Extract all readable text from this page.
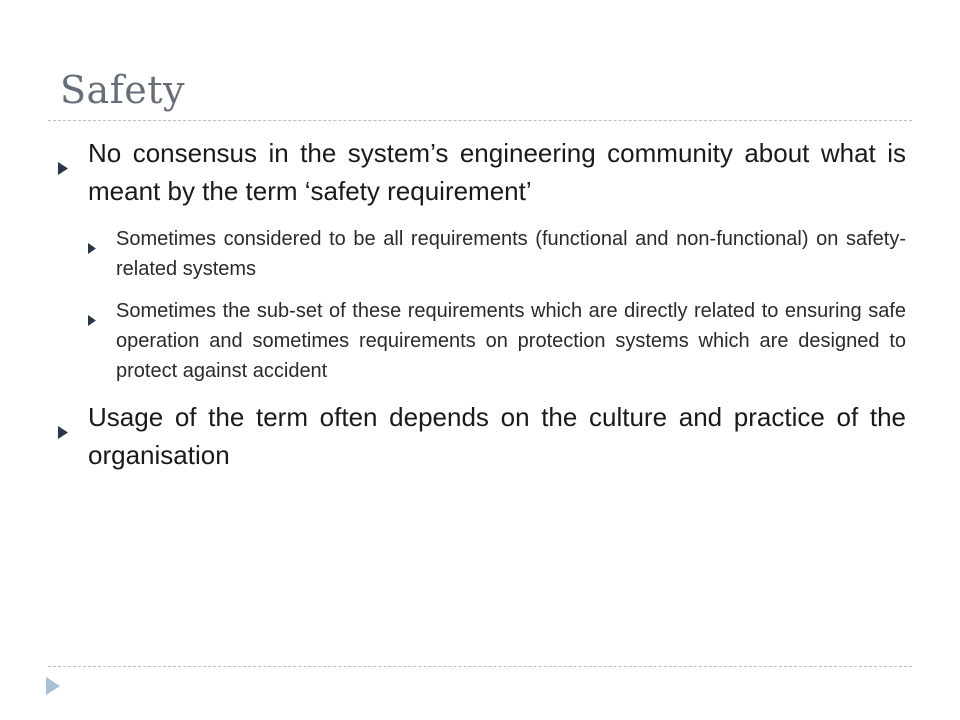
Safety
No consensus in the system’s engineering community about what is meant by the term ‘safety requirement’
Sometimes considered to be all requirements (functional and non-functional) on safety-related systems
Sometimes the sub-set of these requirements which are directly related to ensuring safe operation and sometimes requirements on protection systems which are designed to protect against accident
Usage of the term often depends on the culture and practice of the organisation
